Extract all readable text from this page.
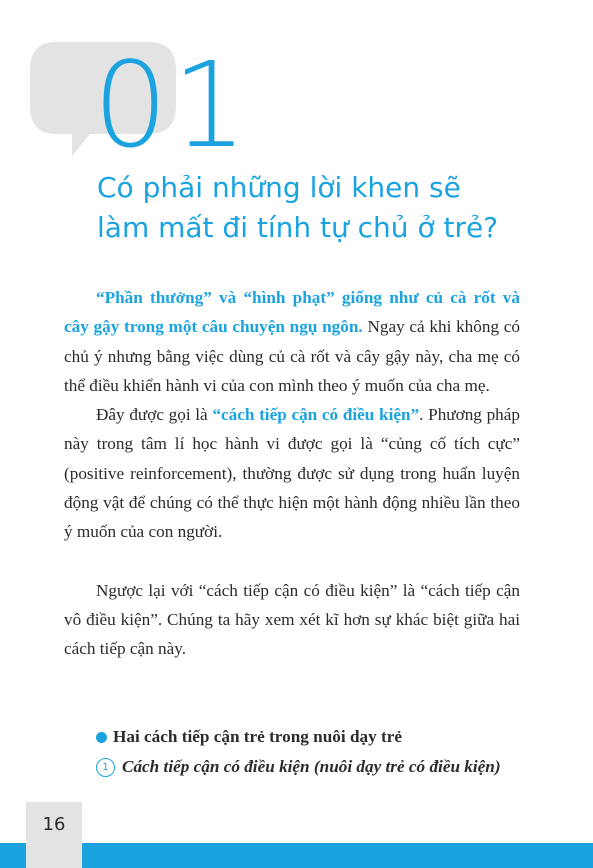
01
Có phải những lời khen sẽ
làm mất đi tính tự chủ ở trẻ?

“Phần thưởng” và “hình phạt” giống như củ cà rốt và cây gậy trong một câu chuyện ngụ ngôn. Ngay cả khi không có chủ ý nhưng bằng việc dùng củ cà rốt và cây gậy này, cha mẹ có thể điều khiển hành vi của con mình theo ý muốn của cha mẹ.

Đây được gọi là “cách tiếp cận có điều kiện”. Phương pháp này trong tâm lí học hành vi được gọi là “củng cố tích cực” (positive reinforcement), thường được sử dụng trong huấn luyện động vật để chúng có thể thực hiện một hành động nhiều lần theo ý muốn của con người.

Ngược lại với “cách tiếp cận có điều kiện” là “cách tiếp cận vô điều kiện”. Chúng ta hãy xem xét kĩ hơn sự khác biệt giữa hai cách tiếp cận này.

Hai cách tiếp cận trẻ trong nuôi dạy trẻ
1 Cách tiếp cận có điều kiện (nuôi dạy trẻ có điều kiện)
16
